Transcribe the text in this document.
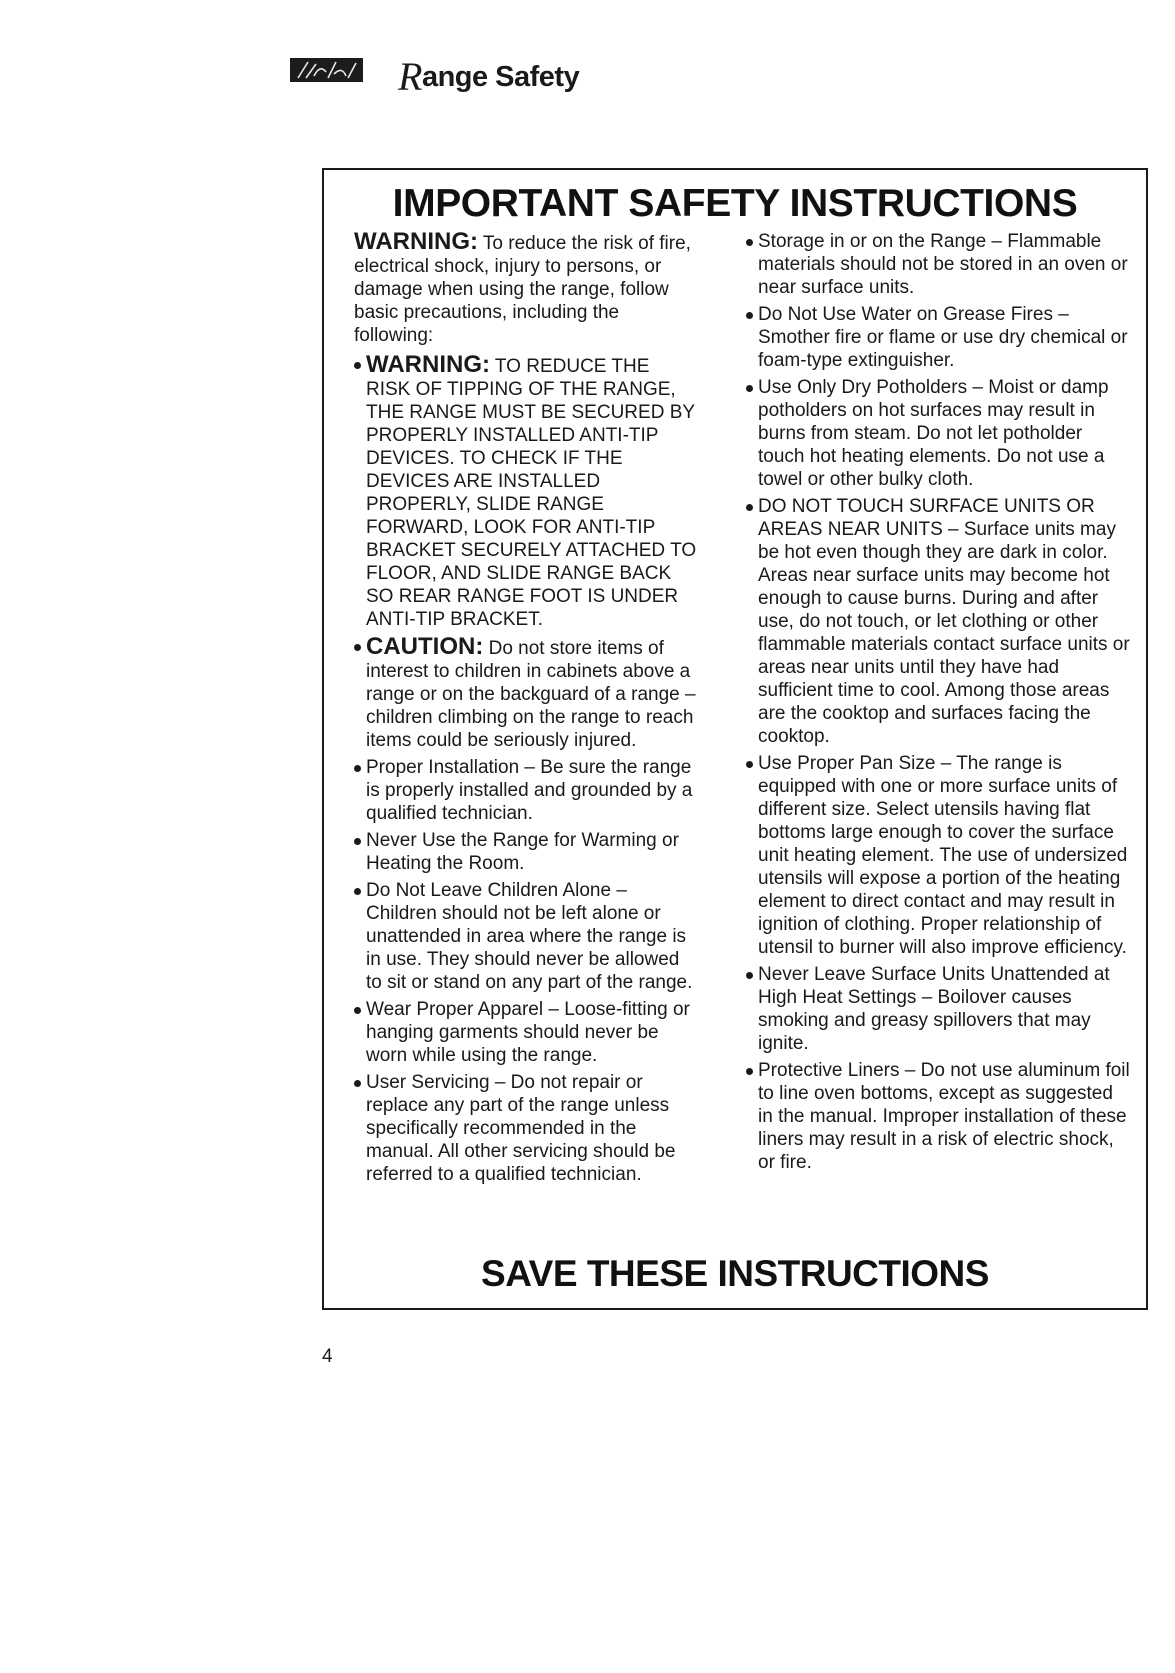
Range Safety
IMPORTANT SAFETY INSTRUCTIONS

WARNING: To reduce the risk of fire, electrical shock, injury to persons, or damage when using the range, follow basic precautions, including the following:

WARNING: TO REDUCE THE RISK OF TIPPING OF THE RANGE, THE RANGE MUST BE SECURED BY PROPERLY INSTALLED ANTI-TIP DEVICES. TO CHECK IF THE DEVICES ARE INSTALLED PROPERLY, SLIDE RANGE FORWARD, LOOK FOR ANTI-TIP BRACKET SECURELY ATTACHED TO FLOOR, AND SLIDE RANGE BACK SO REAR RANGE FOOT IS UNDER ANTI-TIP BRACKET.
CAUTION: Do not store items of interest to children in cabinets above a range or on the backguard of a range – children climbing on the range to reach items could be seriously injured.
Proper Installation – Be sure the range is properly installed and grounded by a qualified technician.
Never Use the Range for Warming or Heating the Room.
Do Not Leave Children Alone – Children should not be left alone or unattended in area where the range is in use. They should never be allowed to sit or stand on any part of the range.
Wear Proper Apparel – Loose-fitting or hanging garments should never be worn while using the range.
User Servicing – Do not repair or replace any part of the range unless specifically recommended in the manual. All other servicing should be referred to a qualified technician.
Storage in or on the Range – Flammable materials should not be stored in an oven or near surface units.
Do Not Use Water on Grease Fires – Smother fire or flame or use dry chemical or foam-type extinguisher.
Use Only Dry Potholders – Moist or damp potholders on hot surfaces may result in burns from steam. Do not let potholder touch hot heating elements. Do not use a towel or other bulky cloth.
DO NOT TOUCH SURFACE UNITS OR AREAS NEAR UNITS – Surface units may be hot even though they are dark in color. Areas near surface units may become hot enough to cause burns. During and after use, do not touch, or let clothing or other flammable materials contact surface units or areas near units until they have had sufficient time to cool. Among those areas are the cooktop and surfaces facing the cooktop.
Use Proper Pan Size – The range is equipped with one or more surface units of different size. Select utensils having flat bottoms large enough to cover the surface unit heating element. The use of undersized utensils will expose a portion of the heating element to direct contact and may result in ignition of clothing. Proper relationship of utensil to burner will also improve efficiency.
Never Leave Surface Units Unattended at High Heat Settings – Boilover causes smoking and greasy spillovers that may ignite.
Protective Liners – Do not use aluminum foil to line oven bottoms, except as suggested in the manual. Improper installation of these liners may result in a risk of electric shock, or fire.
SAVE THESE INSTRUCTIONS
4
